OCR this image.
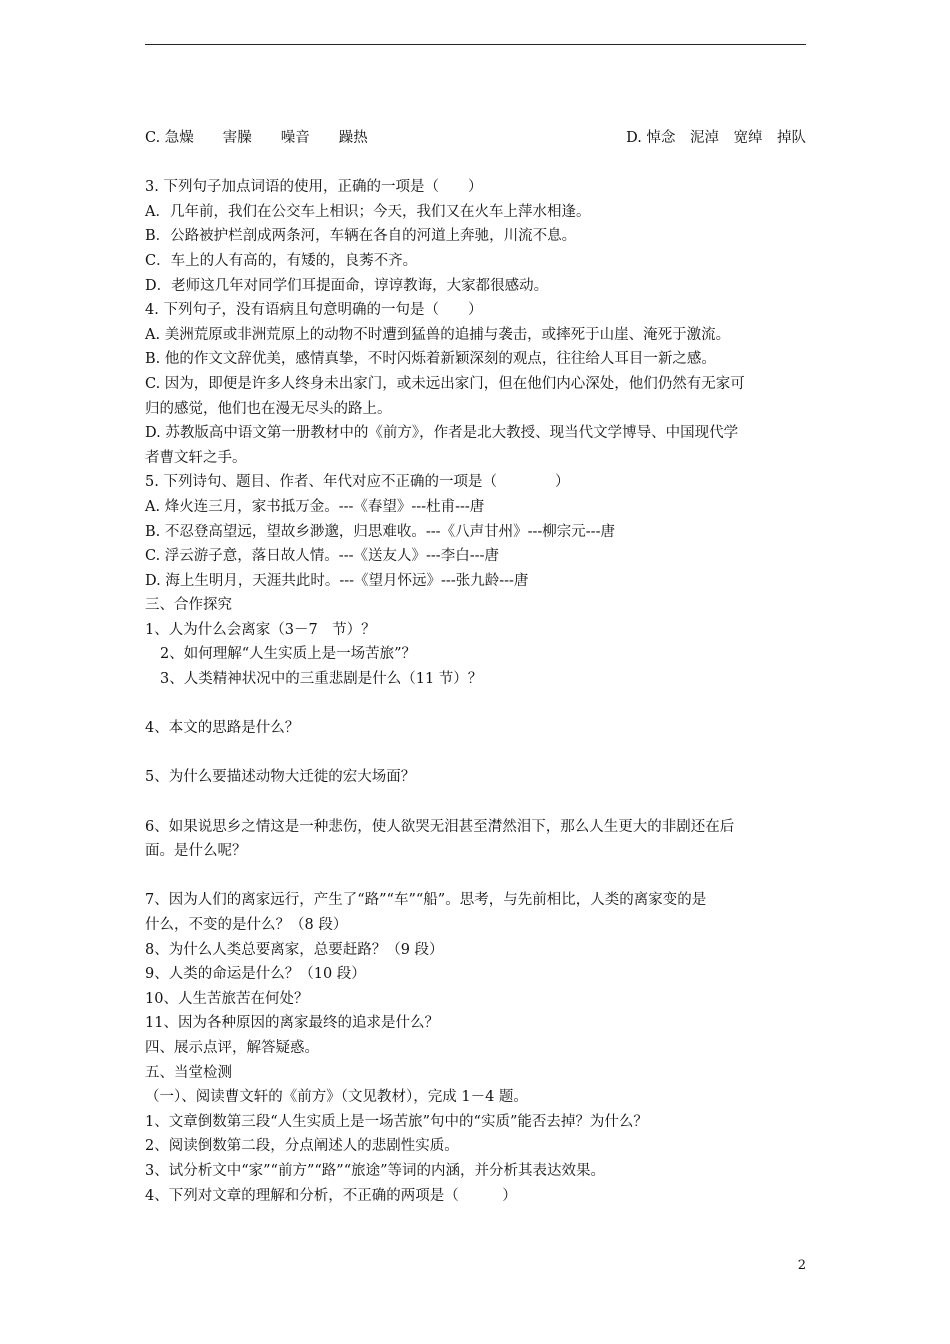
C. 急燥　　害臊　　噪音　　躁热	D. 悼念　泥淖　宽绰　掉队
3. 下列句子加点词语的使用，正确的一项是（　　）
A．几年前，我们在公交车上相识；今天，我们又在火车上萍水相逢。
B．公路被护栏剖成两条河，车辆在各自的河道上奔驰，川流不息。
C．车上的人有高的，有矮的，良莠不齐。
D．老师这几年对同学们耳提面命，谆谆教诲，大家都很感动。
4. 下列句子，没有语病且句意明确的一句是（　　）
A. 美洲荒原或非洲荒原上的动物不时遭到猛兽的追捕与袭击，或摔死于山崖、淹死于激流。
B. 他的作文文辞优美，感情真挚，不时闪烁着新颖深刻的观点，往往给人耳目一新之感。
C. 因为，即便是许多人终身未出家门，或未远出家门，但在他们内心深处，他们仍然有无家可
归的感觉，他们也在漫无尽头的路上。
D. 苏教版高中语文第一册教材中的《前方》，作者是北大教授、现当代文学博导、中国现代学
者曹文轩之手。
5. 下列诗句、题目、作者、年代对应不正确的一项是（　　　　）
A. 烽火连三月，家书抵万金。---《春望》---杜甫---唐
B. 不忍登高望远，望故乡渺邈，归思难收。---《八声甘州》---柳宗元---唐
C. 浮云游子意，落日故人情。---《送友人》---李白---唐
D. 海上生明月，天涯共此时。---《望月怀远》---张九龄---唐
三、合作探究
1、人为什么会离家（3－7　节）？
2、如何理解“人生实质上是一场苦旅”？
3、人类精神状况中的三重悲剧是什么（11 节）？
4、本文的思路是什么？
5、为什么要描述动物大迁徙的宏大场面？
6、如果说思乡之情这是一种悲伤，使人欲哭无泪甚至潸然泪下，那么人生更大的非剧还在后
面。是什么呢？
7、因为人们的离家远行，产生了“路”“车”“船”。思考，与先前相比，人类的离家变的是
什么，不变的是什么？（8 段）
8、为什么人类总要离家，总要赶路？（9 段）
9、人类的命运是什么？（10 段）
10、人生苦旅苦在何处？
11、因为各种原因的离家最终的追求是什么？
四、展示点评，解答疑惑。
五、当堂检测
（一）、阅读曹文轩的《前方》（文见教材），完成 1－4 题。
1、文章倒数第三段“人生实质上是一场苦旅”句中的“实质”能否去掉？为什么？
2、阅读倒数第二段，分点阐述人的悲剧性实质。
3、试分析文中“家”“前方”“路”“旅途”等词的内涵，并分析其表达效果。
4、下列对文章的理解和分析，不正确的两项是（　　　）
2
